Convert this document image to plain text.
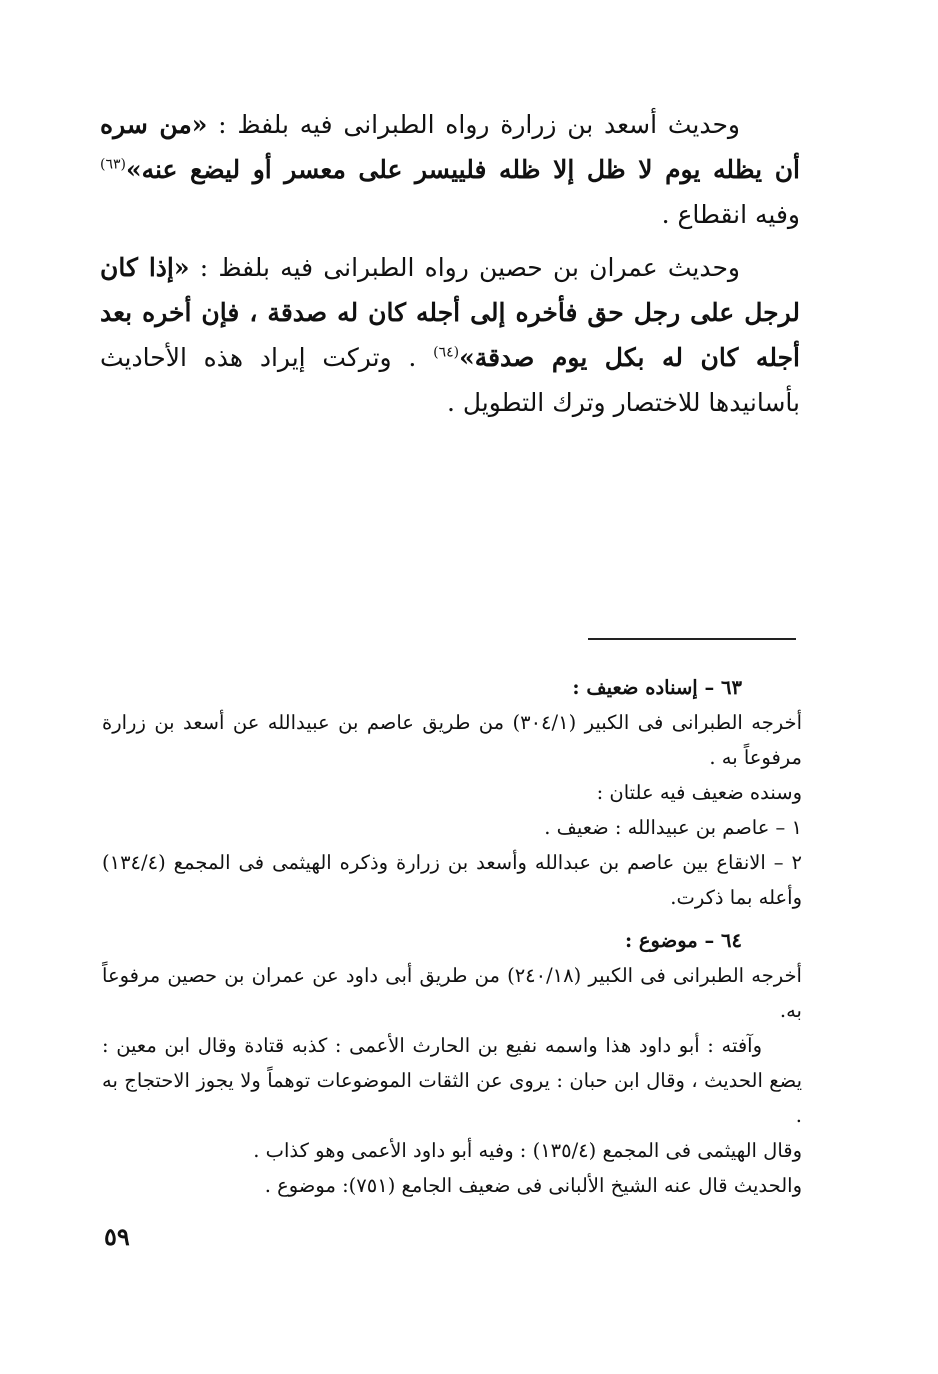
وحديث أسعد بن زرارة رواه الطبرانى فيه بلفظ : «من سره أن يظله يوم لا ظل إلا ظله فلييسر على معسر أو ليضع عنه»$^{(٦٣)}$ وفيه انقطاع .

وحديث عمران بن حصين رواه الطبرانى فيه بلفظ : «إذا كان لرجل على رجل حق فأخره إلى أجله كان له صدقة ، فإن أخره بعد أجله كان له بكل يوم صدقة»$^{(٦٤)}$ . وتركت إيراد هذه الأحاديث بأسانيدها للاختصار وترك التطويل .

٦٣ – إسناده ضعيف :

أخرجه الطبرانى فى الكبير (٣٠٤/١) من طريق عاصم بن عبيدالله عن أسعد بن زرارة مرفوعاً به .

وسنده ضعيف فيه علتان :

١ – عاصم بن عبيدالله : ضعيف .

٢ – الانقاع بين عاصم بن عبدالله وأسعد بن زرارة وذكره الهيثمى فى المجمع (١٣٤/٤) وأعله بما ذكرت.

٦٤ – موضوع :

أخرجه الطبرانى فى الكبير (٢٤٠/١٨) من طريق أبى داود عن عمران بن حصين مرفوعاً به.

وآفته : أبو داود هذا واسمه نفيع بن الحارث الأعمى : كذبه قتادة وقال ابن معين : يضع الحديث ، وقال ابن حبان : يروى عن الثقات الموضوعات توهماً ولا يجوز الاحتجاج به .

وقال الهيثمى فى المجمع (١٣٥/٤) : وفيه أبو داود الأعمى وهو كذاب .

والحديث قال عنه الشيخ الألبانى فى ضعيف الجامع (٧٥١): موضوع .

٥٩
